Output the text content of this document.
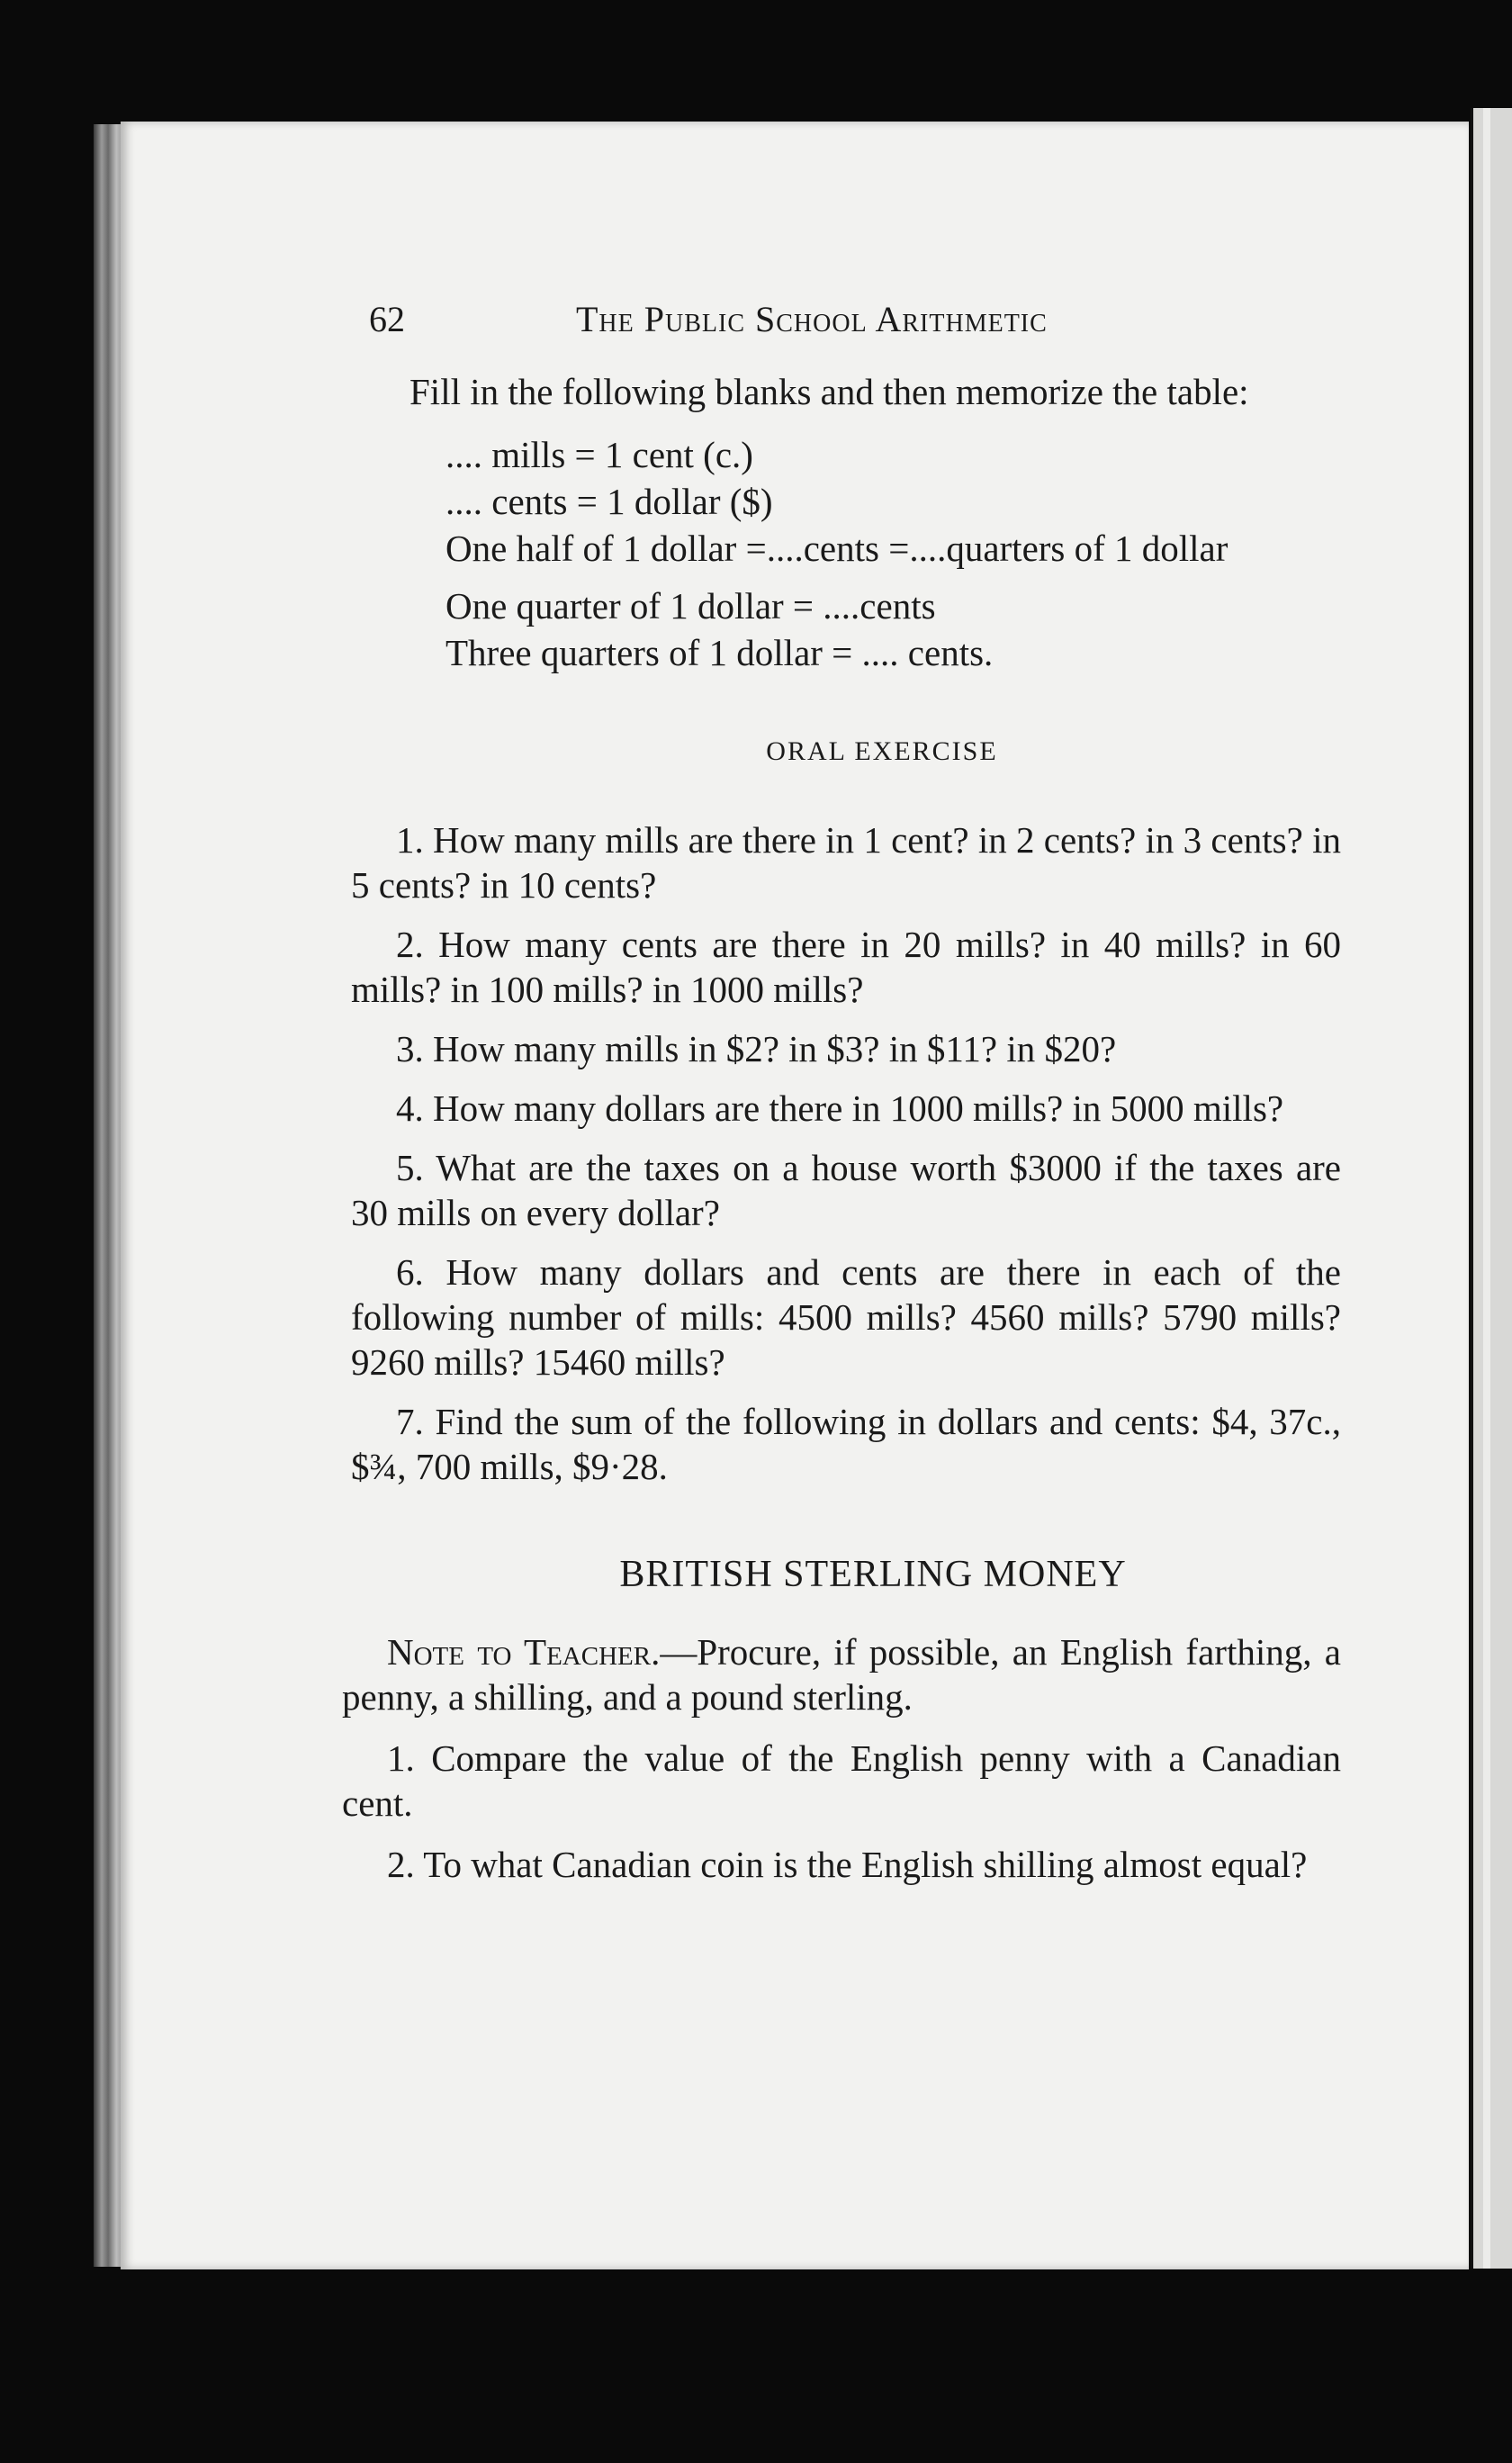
62	The Public School Arithmetic

Fill in the following blanks and then memorize the table:

.... mills = 1 cent (c.)

.... cents = 1 dollar ($)

One half of 1 dollar =....cents =....quarters of 1 dollar

One quarter of 1 dollar = ....cents

Three quarters of 1 dollar = .... cents.

ORAL EXERCISE

1. How many mills are there in 1 cent? in 2 cents? in 3 cents? in 5 cents? in 10 cents?

2. How many cents are there in 20 mills? in 40 mills? in 60 mills? in 100 mills? in 1000 mills?

3. How many mills in $2? in $3? in $11? in $20?

4. How many dollars are there in 1000 mills? in 5000 mills?

5. What are the taxes on a house worth $3000 if the taxes are 30 mills on every dollar?

6. How many dollars and cents are there in each of the following number of mills: 4500 mills? 4560 mills? 5790 mills? 9260 mills? 15460 mills?

7. Find the sum of the following in dollars and cents: $4, 37c., $¾, 700 mills, $9·28.

BRITISH STERLING MONEY

Note to Teacher.—Procure, if possible, an English farthing, a penny, a shilling, and a pound sterling.

1. Compare the value of the English penny with a Canadian cent.

2. To what Canadian coin is the English shilling almost equal?
